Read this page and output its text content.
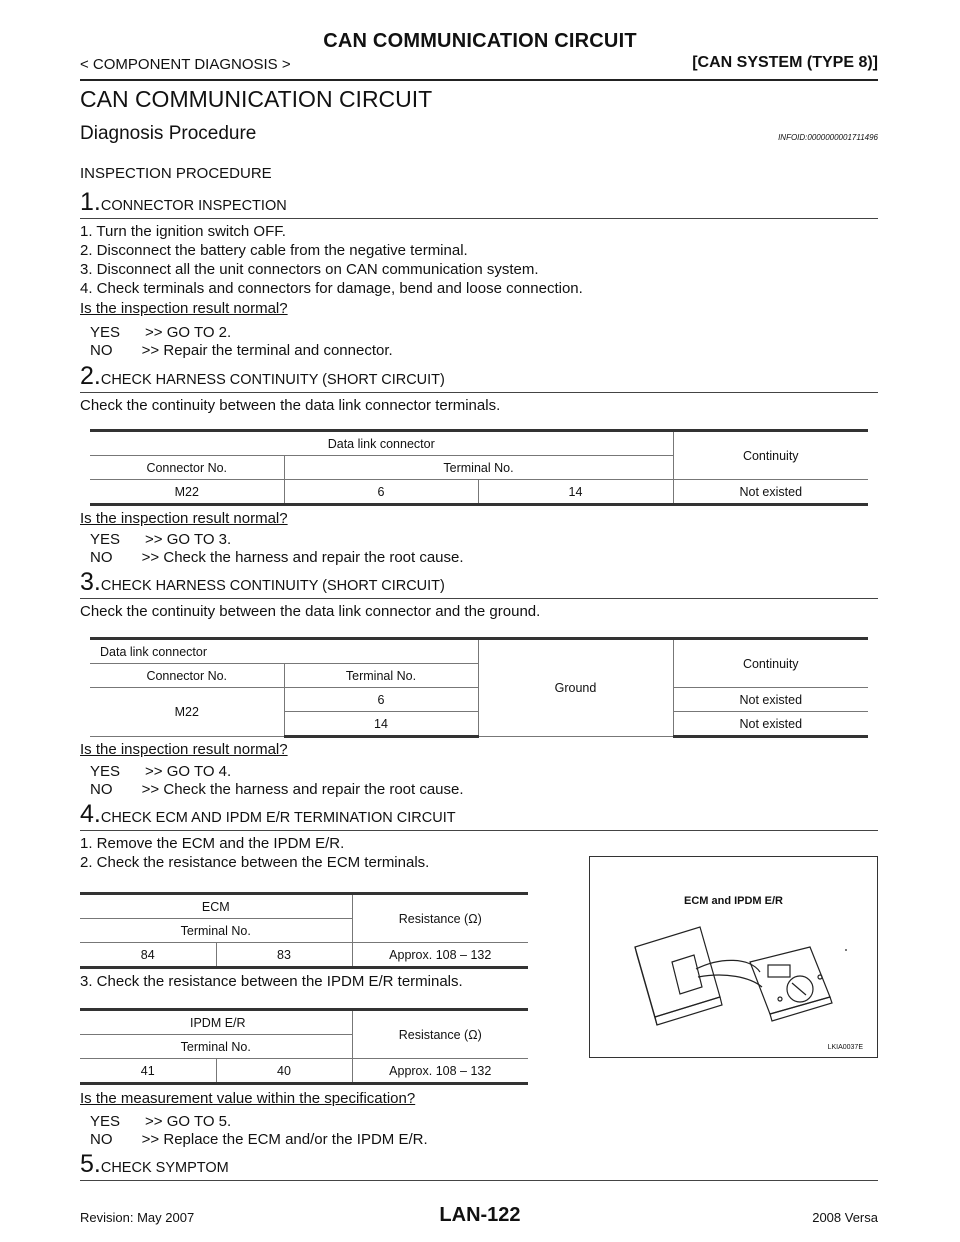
CAN COMMUNICATION CIRCUIT
< COMPONENT DIAGNOSIS >	[CAN SYSTEM (TYPE 8)]
CAN COMMUNICATION CIRCUIT
Diagnosis Procedure	INFOID:0000000001711496
INSPECTION PROCEDURE
1.CONNECTOR INSPECTION
1. Turn the ignition switch OFF.
2. Disconnect the battery cable from the negative terminal.
3. Disconnect all the unit connectors on CAN communication system.
4. Check terminals and connectors for damage, bend and loose connection.
Is the inspection result normal?
YES      >> GO TO 2.
NO       >> Repair the terminal and connector.
2.CHECK HARNESS CONTINUITY (SHORT CIRCUIT)
Check the continuity between the data link connector terminals.
Data link connector			Continuity
Connector No.	Terminal No.		
M22	6	14	Not existed
Is the inspection result normal?
YES      >> GO TO 3.
NO       >> Check the harness and repair the root cause.
3.CHECK HARNESS CONTINUITY (SHORT CIRCUIT)
Check the continuity between the data link connector and the ground.
Data link connector		Ground	Continuity
Connector No.	Terminal No.		
M22	6		Not existed
	14		Not existed
Is the inspection result normal?
YES      >> GO TO 4.
NO       >> Check the harness and repair the root cause.
4.CHECK ECM AND IPDM E/R TERMINATION CIRCUIT
1. Remove the ECM and the IPDM E/R.
2. Check the resistance between the ECM terminals.
ECM		Resistance (Ω)
Terminal No.		
84	83	Approx. 108 – 132
3. Check the resistance between the IPDM E/R terminals.
IPDM E/R		Resistance (Ω)
Terminal No.		
41	40	Approx. 108 – 132
ECM and IPDM E/R
LKIA0037E
Is the measurement value within the specification?
YES      >> GO TO 5.
NO       >> Replace the ECM and/or the IPDM E/R.
5.CHECK SYMPTOM
LAN-122
Revision: May 2007	2008 Versa
